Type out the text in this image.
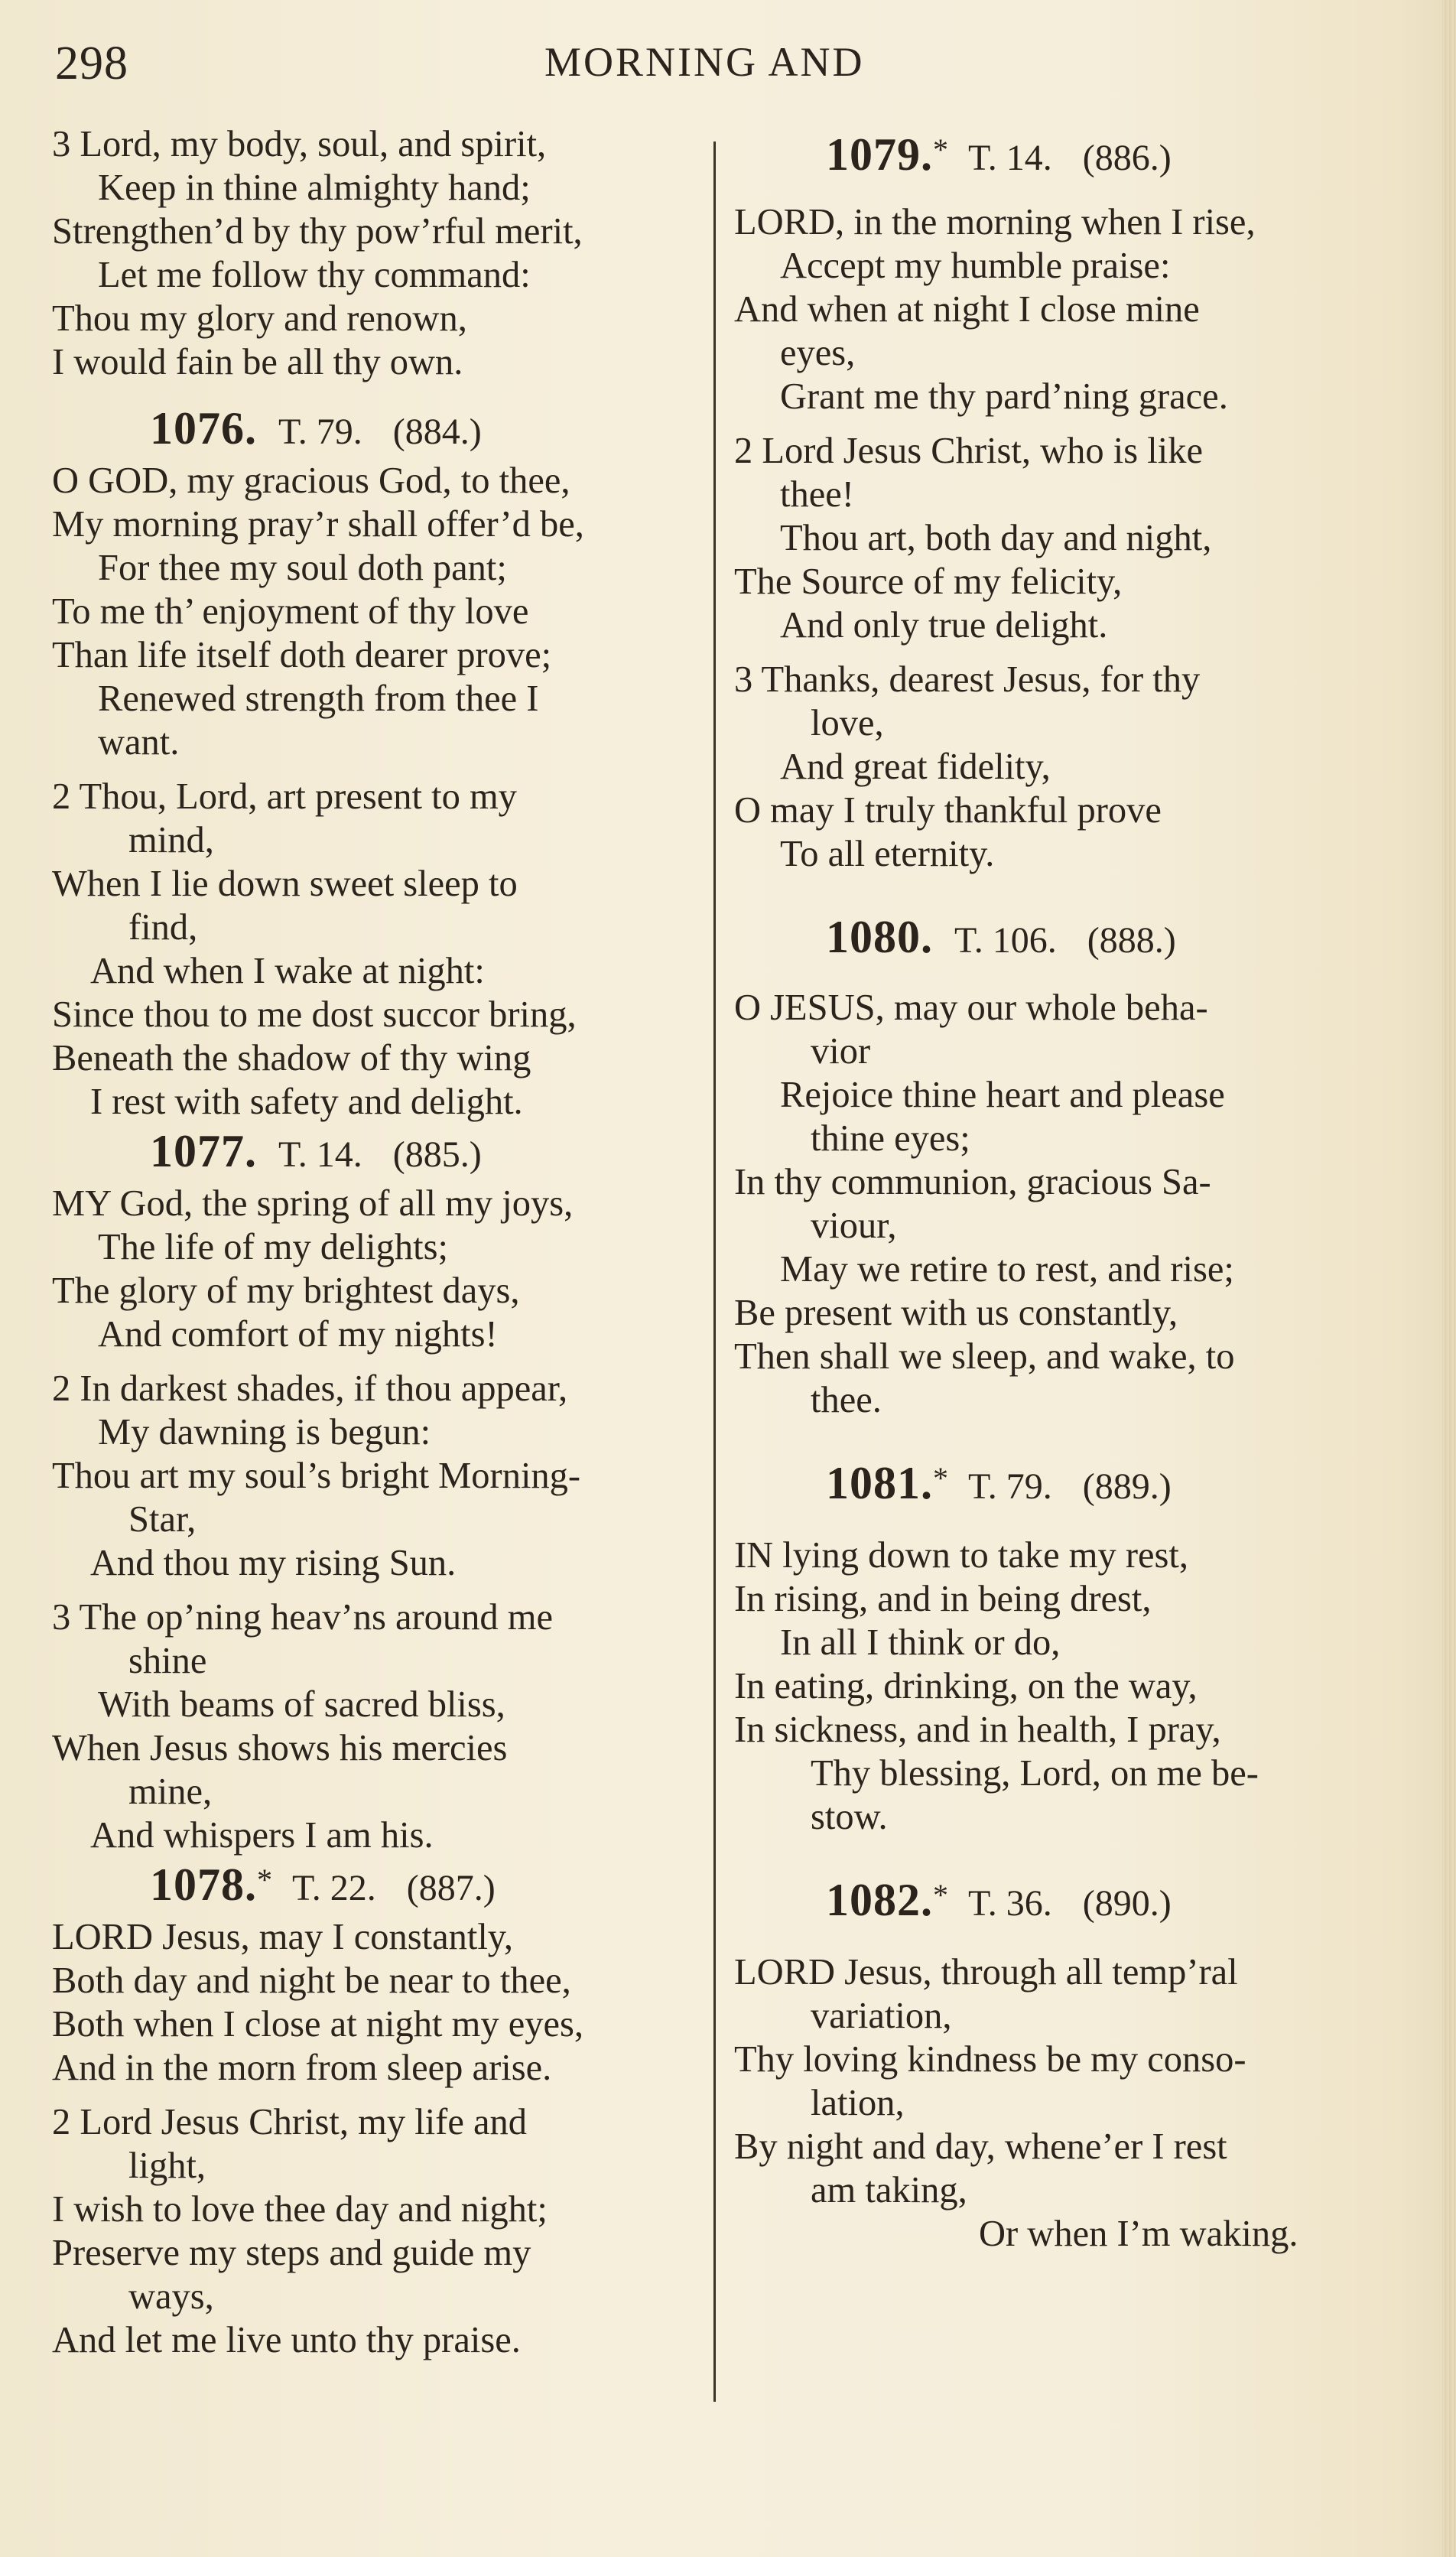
298	MORNING AND
3 Lord, my body, soul, and spirit,
Keep in thine almighty hand;
Strengthen’d by thy pow’rful merit,
Let me follow thy command:
Thou my glory and renown,
I would fain be all thy own.
1076. T. 79. (884.)
O GOD, my gracious God, to thee,
My morning pray’r shall offer’d be,
For thee my soul doth pant;
To me th’ enjoyment of thy love
Than life itself doth dearer prove;
Renewed strength from thee I
want.
2 Thou, Lord, art present to my
mind,
When I lie down sweet sleep to
find,
And when I wake at night:
Since thou to me dost succor bring,
Beneath the shadow of thy wing
I rest with safety and delight.
1077. T. 14. (885.)
MY God, the spring of all my joys,
The life of my delights;
The glory of my brightest days,
And comfort of my nights!
2 In darkest shades, if thou appear,
My dawning is begun:
Thou art my soul’s bright Morning-
Star,
And thou my rising Sun.
3 The op’ning heav’ns around me
shine
With beams of sacred bliss,
When Jesus shows his mercies
mine,
And whispers I am his.
1078.* T. 22. (887.)
LORD Jesus, may I constantly,
Both day and night be near to thee,
Both when I close at night my eyes,
And in the morn from sleep arise.
2 Lord Jesus Christ, my life and
light,
I wish to love thee day and night;
Preserve my steps and guide my
ways,
And let me live unto thy praise.
1079.* T. 14. (886.)
LORD, in the morning when I rise,
Accept my humble praise:
And when at night I close mine
eyes,
Grant me thy pard’ning grace.
2 Lord Jesus Christ, who is like
thee!
Thou art, both day and night,
The Source of my felicity,
And only true delight.
3 Thanks, dearest Jesus, for thy
love,
And great fidelity,
O may I truly thankful prove
To all eternity.
1080. T. 106. (888.)
O JESUS, may our whole beha-
vior
Rejoice thine heart and please
thine eyes;
In thy communion, gracious Sa-
viour,
May we retire to rest, and rise;
Be present with us constantly,
Then shall we sleep, and wake, to
thee.
1081.* T. 79. (889.)
IN lying down to take my rest,
In rising, and in being drest,
In all I think or do,
In eating, drinking, on the way,
In sickness, and in health, I pray,
Thy blessing, Lord, on me be-
stow.
1082.* T. 36. (890.)
LORD Jesus, through all temp’ral
variation,
Thy loving kindness be my conso-
lation,
By night and day, whene’er I rest
am taking,
Or when I’m waking.
